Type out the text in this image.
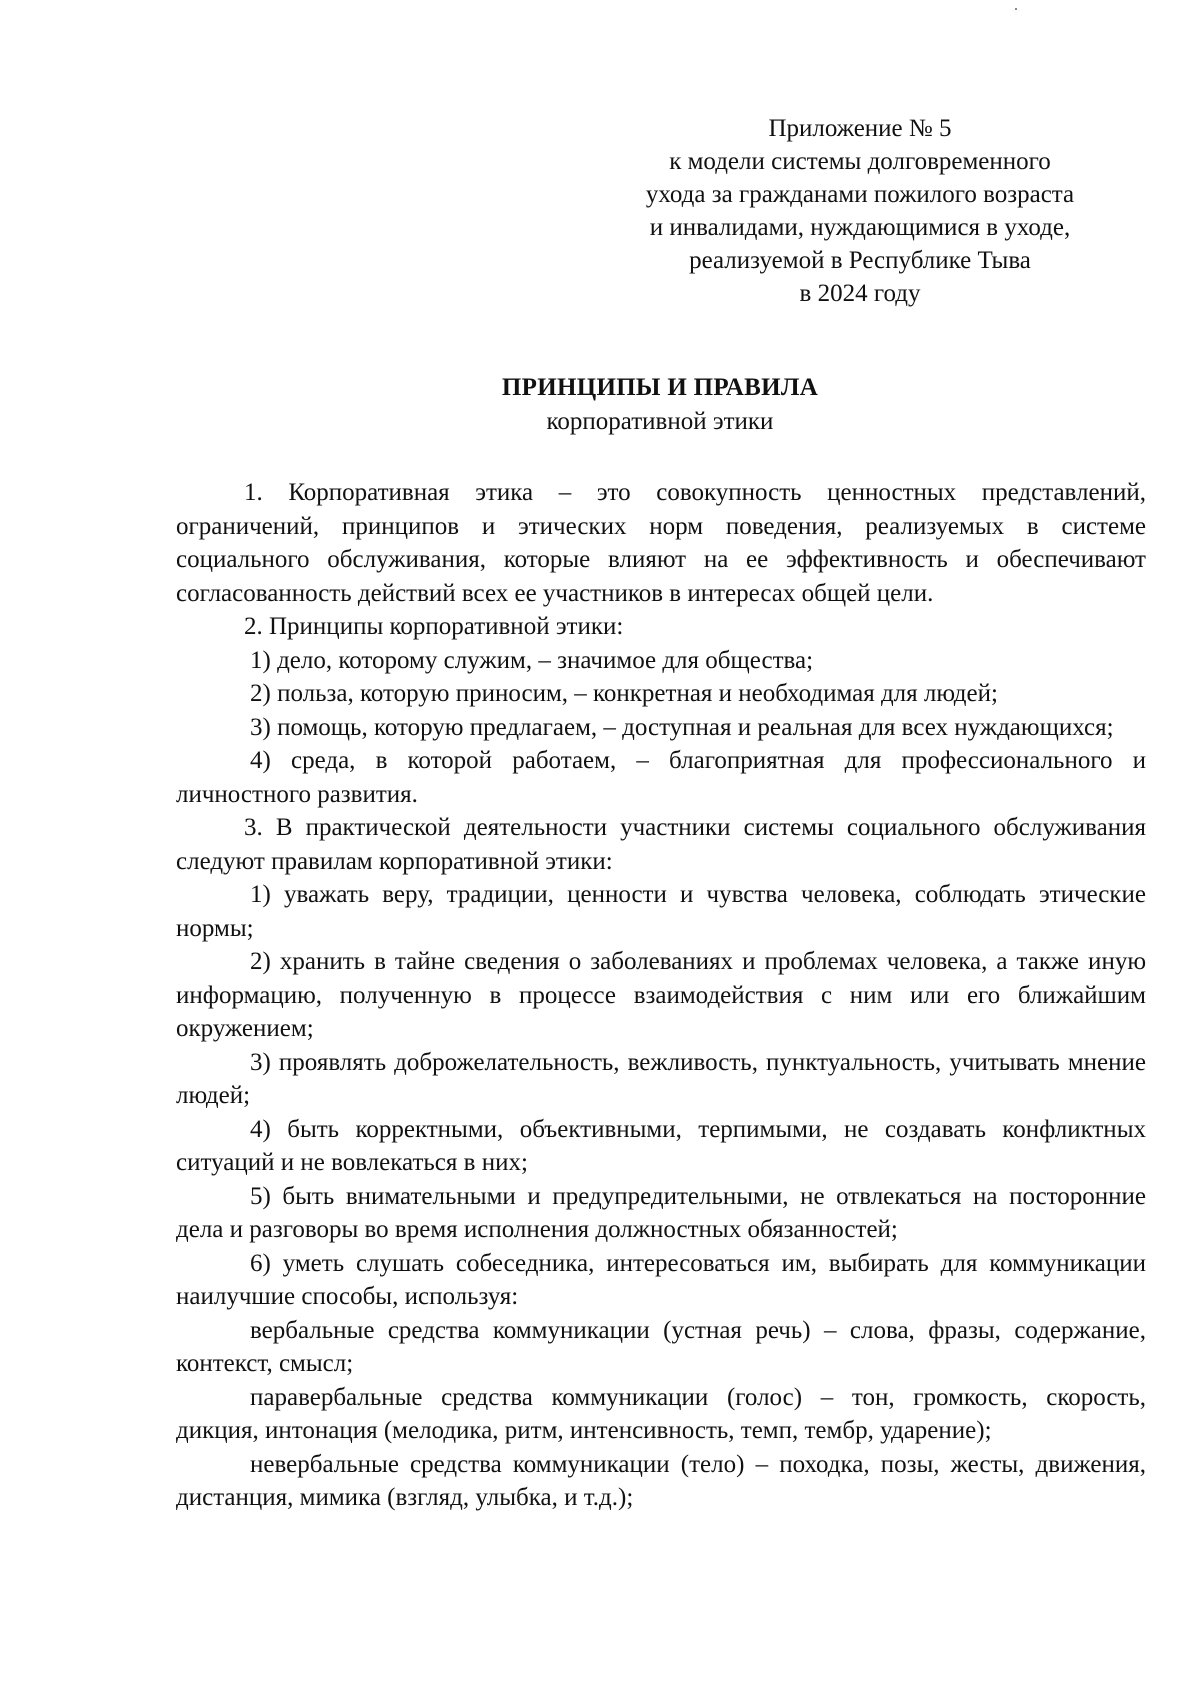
Приложение № 5
к модели системы долговременного
ухода за гражданами пожилого возраста
и инвалидами, нуждающимися в уходе,
реализуемой в Республике Тыва
в 2024 году
ПРИНЦИПЫ И ПРАВИЛА
корпоративной этики

1. Корпоративная этика – это совокупность ценностных представлений, ограничений, принципов и этических норм поведения, реализуемых в системе социального обслуживания, которые влияют на ее эффективность и обеспечивают согласованность действий всех ее участников в интересах общей цели.

2. Принципы корпоративной этики:

1) дело, которому служим, – значимое для общества;

2) польза, которую приносим, – конкретная и необходимая для людей;

3) помощь, которую предлагаем, – доступная и реальная для всех нуждающихся;

4) среда, в которой работаем, – благоприятная для профессионального и личностного развития.

3. В практической деятельности участники системы социального обслуживания следуют правилам корпоративной этики:

1) уважать веру, традиции, ценности и чувства человека, соблюдать этические нормы;

2) хранить в тайне сведения о заболеваниях и проблемах человека, а также иную информацию, полученную в процессе взаимодействия с ним или его ближайшим окружением;

3) проявлять доброжелательность, вежливость, пунктуальность, учитывать мнение людей;

4) быть корректными, объективными, терпимыми, не создавать конфликтных ситуаций и не вовлекаться в них;

5) быть внимательными и предупредительными, не отвлекаться на посторонние дела и разговоры во время исполнения должностных обязанностей;

6) уметь слушать собеседника, интересоваться им, выбирать для коммуникации наилучшие способы, используя:

вербальные средства коммуникации (устная речь) – слова, фразы, содержание, контекст, смысл;

паравербальные средства коммуникации (голос) – тон, громкость, скорость, дикция, интонация (мелодика, ритм, интенсивность, темп, тембр, ударение);

невербальные средства коммуникации (тело) – походка, позы, жесты, движения, дистанция, мимика (взгляд, улыбка, и т.д.);
